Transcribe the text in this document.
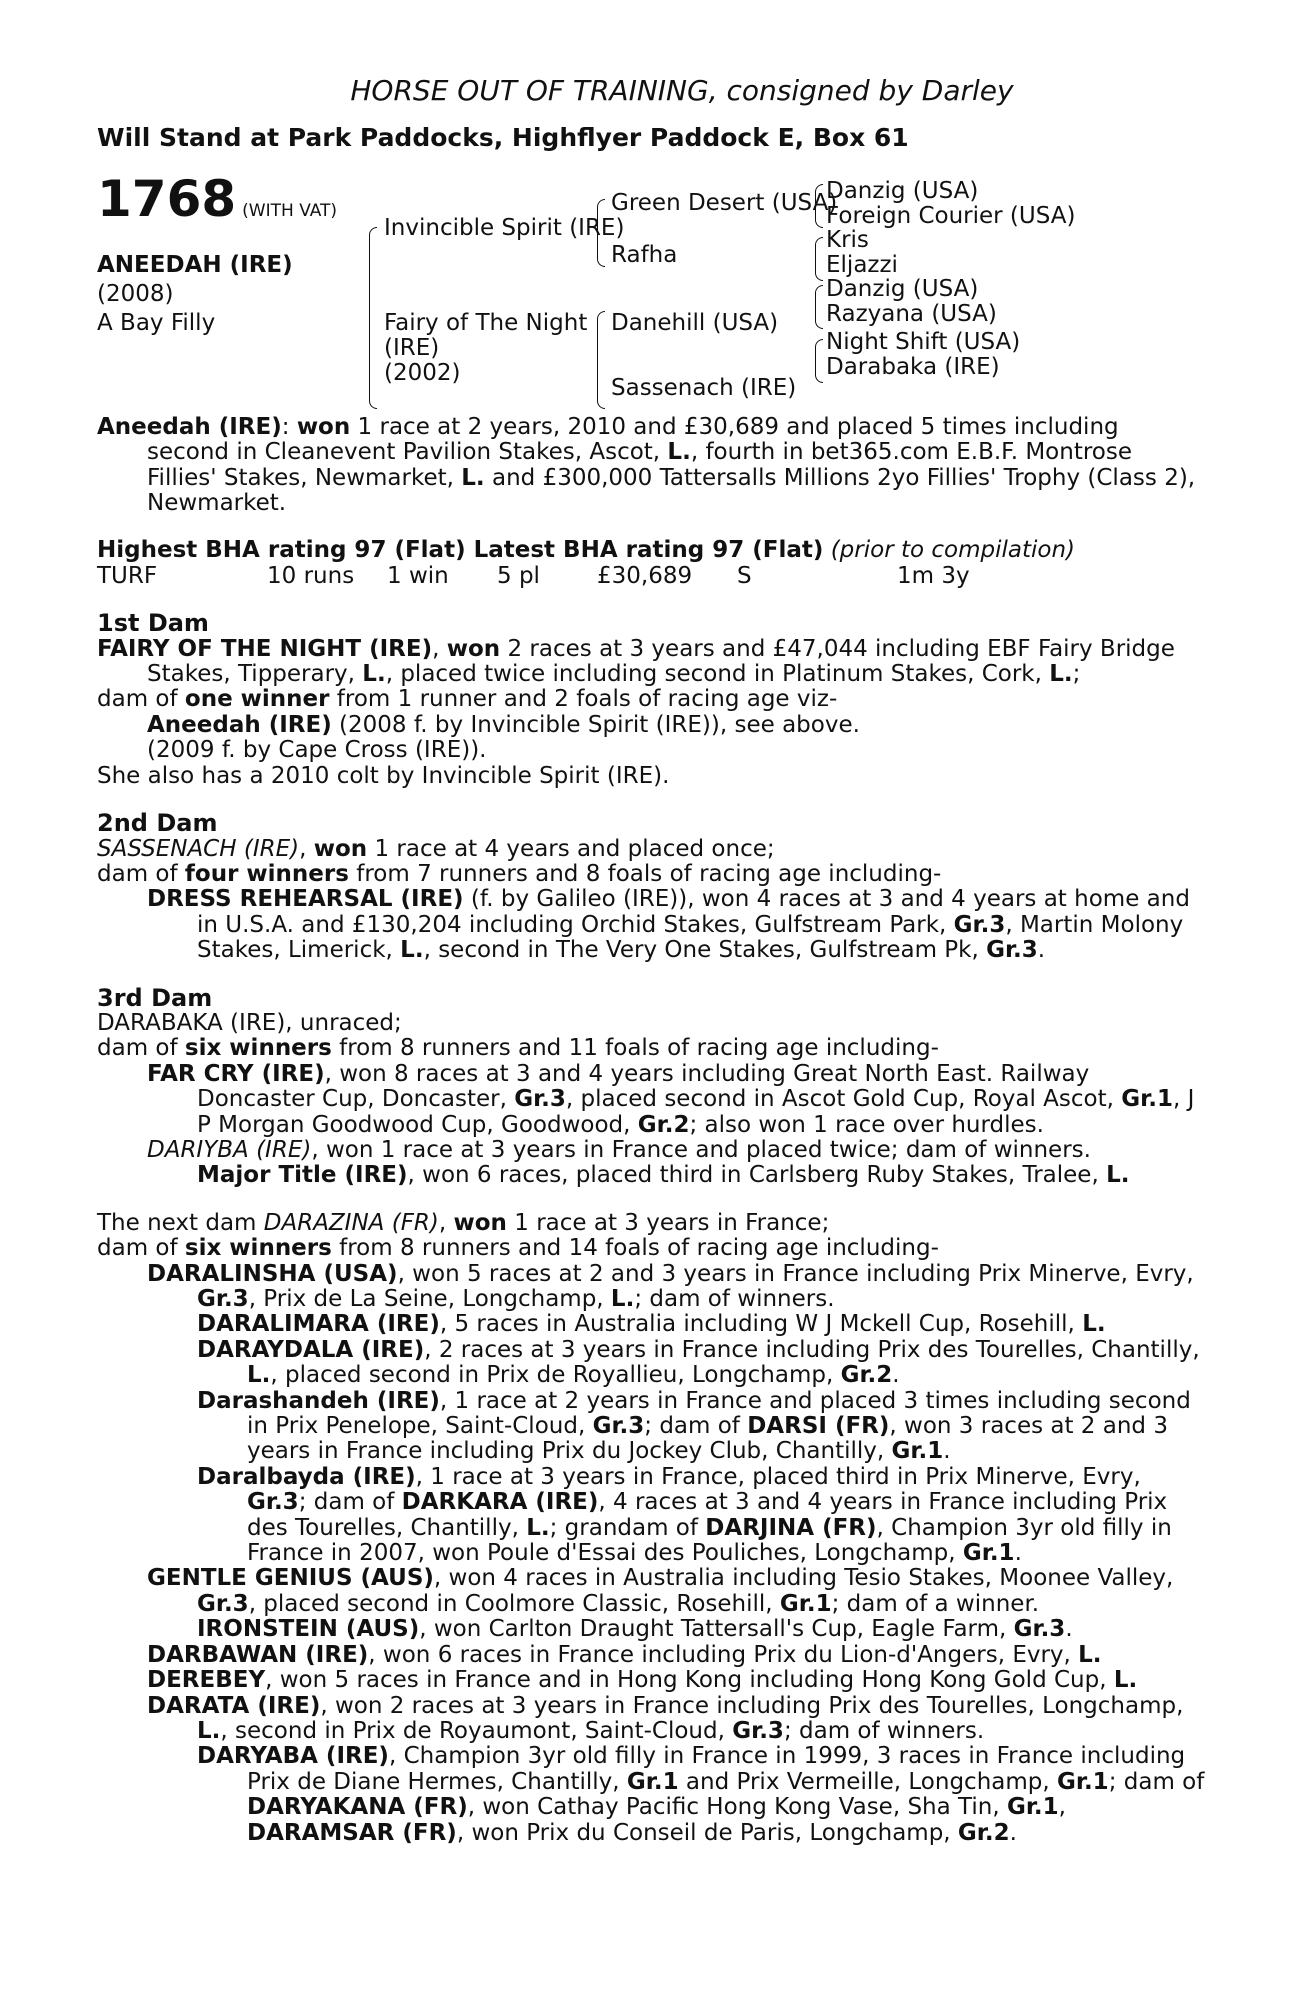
HORSE OUT OF TRAINING, consigned by Darley
Will Stand at Park Paddocks, Highflyer Paddock E, Box 61
1768 (WITH VAT)
ANEEDAH (IRE)
(2008)
A Bay Filly
Invincible Spirit (IRE)
Fairy of The Night
(IRE)
(2002)
Green Desert (USA)
Rafha
Danehill (USA)
Sassenach (IRE)
Danzig (USA)
Foreign Courier (USA)
Kris
Eljazzi
Danzig (USA)
Razyana (USA)
Night Shift (USA)
Darabaka (IRE)
Aneedah (IRE): won 1 race at 2 years, 2010 and £30,689 and placed 5 times including second in Cleanevent Pavilion Stakes, Ascot, L., fourth in bet365.com E.B.F. Montrose Fillies' Stakes, Newmarket, L. and £300,000 Tattersalls Millions 2yo Fillies' Trophy (Class 2), Newmarket.
Highest BHA rating 97 (Flat) Latest BHA rating 97 (Flat) (prior to compilation)
TURF	10 runs 1 win 5 pl £30,689 S	1m 3y
1st Dam
FAIRY OF THE NIGHT (IRE), won 2 races at 3 years and £47,044 including EBF Fairy Bridge Stakes, Tipperary, L., placed twice including second in Platinum Stakes, Cork, L.;
dam of one winner from 1 runner and 2 foals of racing age viz-
Aneedah (IRE) (2008 f. by Invincible Spirit (IRE)), see above.
(2009 f. by Cape Cross (IRE)).
She also has a 2010 colt by Invincible Spirit (IRE).
2nd Dam
SASSENACH (IRE), won 1 race at 4 years and placed once;
dam of four winners from 7 runners and 8 foals of racing age including-
DRESS REHEARSAL (IRE) (f. by Galileo (IRE)), won 4 races at 3 and 4 years at home and in U.S.A. and £130,204 including Orchid Stakes, Gulfstream Park, Gr.3, Martin Molony Stakes, Limerick, L., second in The Very One Stakes, Gulfstream Pk, Gr.3.
3rd Dam
DARABAKA (IRE), unraced;
dam of six winners from 8 runners and 11 foals of racing age including-
FAR CRY (IRE), won 8 races at 3 and 4 years including Great North East. Railway Doncaster Cup, Doncaster, Gr.3, placed second in Ascot Gold Cup, Royal Ascot, Gr.1, J P Morgan Goodwood Cup, Goodwood, Gr.2; also won 1 race over hurdles.
DARIYBA (IRE), won 1 race at 3 years in France and placed twice; dam of winners.
Major Title (IRE), won 6 races, placed third in Carlsberg Ruby Stakes, Tralee, L.
The next dam DARAZINA (FR), won 1 race at 3 years in France;
dam of six winners from 8 runners and 14 foals of racing age including-
DARALINSHA (USA), won 5 races at 2 and 3 years in France including Prix Minerve, Evry, Gr.3, Prix de La Seine, Longchamp, L.; dam of winners.
DARALIMARA (IRE), 5 races in Australia including W J Mckell Cup, Rosehill, L.
DARAYDALA (IRE), 2 races at 3 years in France including Prix des Tourelles, Chantilly, L., placed second in Prix de Royallieu, Longchamp, Gr.2.
Darashandeh (IRE), 1 race at 2 years in France and placed 3 times including second in Prix Penelope, Saint-Cloud, Gr.3; dam of DARSI (FR), won 3 races at 2 and 3 years in France including Prix du Jockey Club, Chantilly, Gr.1.
Daralbayda (IRE), 1 race at 3 years in France, placed third in Prix Minerve, Evry, Gr.3; dam of DARKARA (IRE), 4 races at 3 and 4 years in France including Prix des Tourelles, Chantilly, L.; grandam of DARJINA (FR), Champion 3yr old filly in France in 2007, won Poule d'Essai des Pouliches, Longchamp, Gr.1.
GENTLE GENIUS (AUS), won 4 races in Australia including Tesio Stakes, Moonee Valley, Gr.3, placed second in Coolmore Classic, Rosehill, Gr.1; dam of a winner.
IRONSTEIN (AUS), won Carlton Draught Tattersall's Cup, Eagle Farm, Gr.3.
DARBAWAN (IRE), won 6 races in France including Prix du Lion-d'Angers, Evry, L.
DEREBEY, won 5 races in France and in Hong Kong including Hong Kong Gold Cup, L.
DARATA (IRE), won 2 races at 3 years in France including Prix des Tourelles, Longchamp, L., second in Prix de Royaumont, Saint-Cloud, Gr.3; dam of winners.
DARYABA (IRE), Champion 3yr old filly in France in 1999, 3 races in France including Prix de Diane Hermes, Chantilly, Gr.1 and Prix Vermeille, Longchamp, Gr.1; dam of DARYAKANA (FR), won Cathay Pacific Hong Kong Vase, Sha Tin, Gr.1, DARAMSAR (FR), won Prix du Conseil de Paris, Longchamp, Gr.2.
